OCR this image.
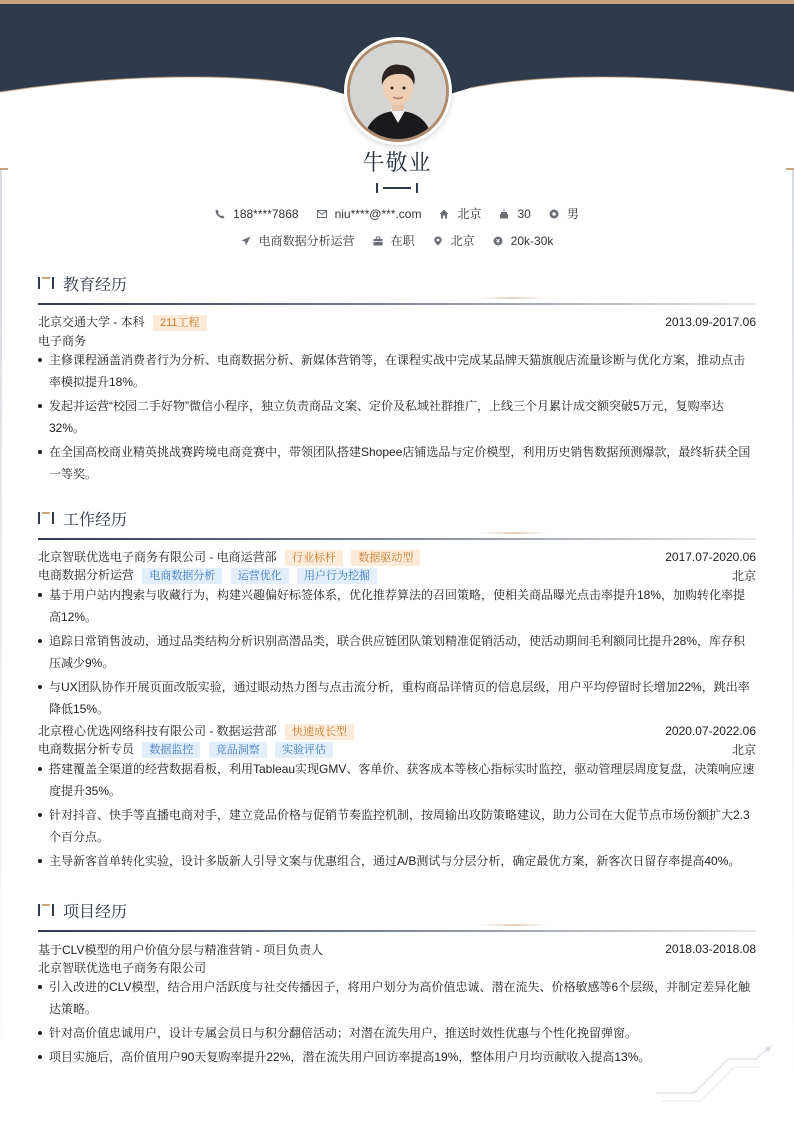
牛敬业
188****7868	niu****@***.com	北京	30	男
电商数据分析运营	在职	北京	20k-30k
教育经历
北京交通大学 - 本科 211工程	2013.09-2017.06
电子商务
主修课程涵盖消费者行为分析、电商数据分析、新媒体营销等，在课程实战中完成某品牌天猫旗舰店流量诊断与优化方案，推动点击率模拟提升18%。
发起并运营“校园二手好物”微信小程序，独立负责商品文案、定价及私域社群推广，上线三个月累计成交额突破5万元，复购率达32%。
在全国高校商业精英挑战赛跨境电商竞赛中，带领团队搭建Shopee店铺选品与定价模型，利用历史销售数据预测爆款，最终斩获全国一等奖。
工作经历
北京智联优选电子商务有限公司 - 电商运营部 行业标杆 数据驱动型	2017.07-2020.06
电商数据分析运营 电商数据分析 运营优化 用户行为挖掘	北京
基于用户站内搜索与收藏行为，构建兴趣偏好标签体系，优化推荐算法的召回策略，使相关商品曝光点击率提升18%，加购转化率提高12%。
追踪日常销售波动，通过品类结构分析识别高潜品类，联合供应链团队策划精准促销活动，使活动期间毛利额同比提升28%，库存积压减少9%。
与UX团队协作开展页面改版实验，通过眼动热力图与点击流分析，重构商品详情页的信息层级，用户平均停留时长增加22%，跳出率降低15%。
北京橙心优选网络科技有限公司 - 数据运营部 快速成长型	2020.07-2022.06
电商数据分析专员 数据监控 竞品洞察 实验评估	北京
搭建覆盖全渠道的经营数据看板，利用Tableau实现GMV、客单价、获客成本等核心指标实时监控，驱动管理层周度复盘，决策响应速度提升35%。
针对抖音、快手等直播电商对手，建立竞品价格与促销节奏监控机制，按周输出攻防策略建议，助力公司在大促节点市场份额扩大2.3个百分点。
主导新客首单转化实验，设计多版新人引导文案与优惠组合，通过A/B测试与分层分析，确定最优方案，新客次日留存率提高40%。
项目经历
基于CLV模型的用户价值分层与精准营销 - 项目负责人	2018.03-2018.08
北京智联优选电子商务有限公司
引入改进的CLV模型，结合用户活跃度与社交传播因子，将用户划分为高价值忠诚、潜在流失、价格敏感等6个层级，并制定差异化触达策略。
针对高价值忠诚用户，设计专属会员日与积分翻倍活动；对潜在流失用户，推送时效性优惠与个性化挽留弹窗。
项目实施后，高价值用户90天复购率提升22%，潜在流失用户回访率提高19%，整体用户月均贡献收入提高13%。
